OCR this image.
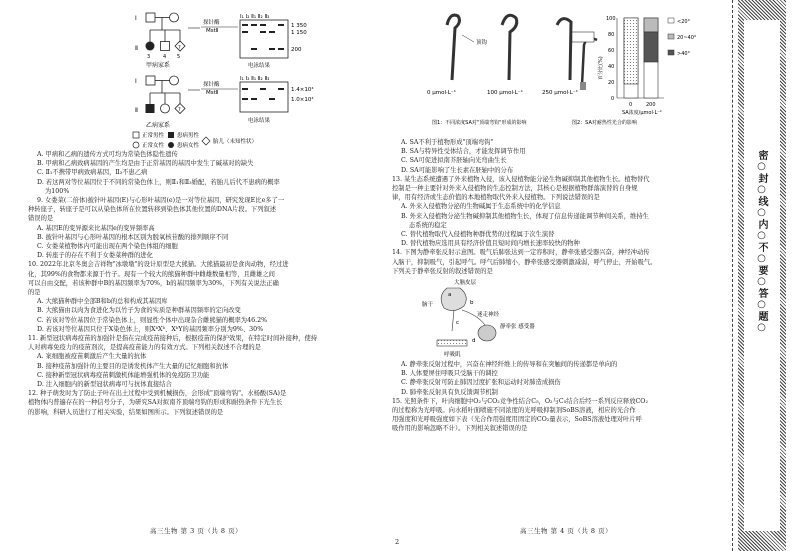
Ⅰ
Ⅱ	?
3	4 5
甲病家系
探针酶
MstⅡ
Ⅰ₁ Ⅰ₂ Ⅱ₁ Ⅱ₂ Ⅱ₃
1 350
1 150
200
电泳结果
Ⅰ
Ⅱ	?
乙病家系
探针酶
MstⅡ
Ⅰ₁ Ⅰ₂ Ⅱ₁ Ⅱ₂ Ⅱ₃
1.4×10⁴
1.0×10⁴
电泳结果
正常男性
正常女性
患病男性
患病女性
胎儿（未知性状）
A. 甲病和乙病的遗传方式可均为常染色体隐性遗传
B. 甲病和乙病致病基因的产生均是由于正常基因的基因中发生了碱基对的缺失
C. Ⅱ₁不携带甲病致病基因，Ⅱ₃不患乙病
D. 若这两对等位基因位于不同的常染色体上，则Ⅱ₁和Ⅱ₃婚配，若胎儿后代不患病的概率
为100%
9. 女娄菜(二倍体)披针叶基因(E)与心形叶基因(e)是一对等位基因，研究发现E比e多了一
种转座子，转座子是可以从染色体所在位置转移到染色体其他位置的DNA片段。下列叙述
错误的是
A. 基因E的变异源来比基因e的变异频率高
B. 披针叶基因与心形叶基因的根本区别为脱氧核苷酸的排列顺序不同
C. 女娄菜植物体内可能出现在两个染色体组的细胞
D. 转座子的存在不利于女娄菜种群的进化
10. 2022年北京冬奥会吉祥物"冰墩墩"的设计原型是大熊猫。大熊猫最初是食肉动物，经过进
化，其99%的食物都来源于竹子。现有一个较大的熊猫种群中雌雄数量相等，且雌雄之间
可以自由交配，若该种群中B的基因频率为70%，b的基因频率为30%，下列有关说法正确
的是
A. 大熊猫种群中全部B和b的总和构成其基因库
B. 大熊猫由以肉为食进化为以竹子为食的实质是种群基因频率的定向改变
C. 若该对等位基因位于常染色体上，则显性个体中出现杂合雌熊猫的概率为46.2%
D. 若该对等位基因只位于X染色体上，则XᵇXᵇ、XᵇY的基因频率分别为9%、30%
11. 新型冠状病毒疫苗的加强针是指在完成疫苗接种后，根据疫苗的保护效果，在特定时间补接种，使持
人对病毒免疫力的疫苗剂次，是提高疫苗能力的有效方式。下列相关叙述不合理的是
A. 案细胞被疫苗刺激后产生大量的抗体
B. 接种疫苗加强针的主要目的是诱发机体产生大量的记忆细胞和抗体
C. 接种新型冠状病毒疫苗刺激机体能增强机体的免疫防卫功能
D. 注入细胞内的新型冠状病毒可与抗体直接结合
12. 种子萌发时为了防止子叶在出土过程中受到机械损伤，会形成"顶端弯钩"。水杨酸(SA)是
植物体内普遍存在的一种信号分子，为研究SA对拟南芥顶端弯钩的形成和耐热条件下光生长
的影响，科研人员进行了相关实验，结果如图所示。下列叙述错误的是
顶钩
0 μmol·L⁻¹	100 μmol·L⁻¹	250 μmol·L⁻¹
百分比(%)
100
80
60
40
20
0
0	200
SA浓度/μmol·L⁻¹
<20°
20~40°
>40°
图1：不同浓度SA对"顶端弯钩"形成的影响	图2：SA对耐热性光合的影响
A. SA不利于植物形成"顶端弯钩"
B. SA与特异性受体结合，才能发挥调节作用
C. SA可促进拟南芥胚轴向光弯曲生长
D. SA可能影响了生长素在胚轴中的分布
13. 某生态系统遭遇了外来植物入侵，该入侵植物能分泌生物碱抑制其他植物生长。植物替代
控制是一种主要针对外来入侵植物的生态控制方法，其核心是根据植物群落演替的自身规
律，用有经济或生态价值的本地植物取代外来入侵植物。下列说法错误的是
A. 外来入侵植物分泌的生物碱属于生态系统中的化学信息
B. 外来入侵植物分泌生物碱抑制其他植物生长，体现了信息传递能调节种间关系，维持生
态系统的稳定
C. 替代植物取代入侵植物种群优势的过程属于次生演替
D. 替代植物应选用具有经济价值且短时间内增长速率较快的物种
14. 下图为静牵张反射示意图。吸气后肺张达到一定容积时，静牵张感受器兴奋，神经冲动传
入脑干，抑制吸气，引起呼气。呼气后肺缩小，静牵张感受器刺激减弱，呼气停止，开始吸气。
下列关于静牵张反射的叙述错误的是
大脑皮层
脑干
静牵张 感受器
迷走神经
呼吸肌
a
b
c
d
A. 静牵张反射过程中，兴奋在神经纤维上的传导和在突触间的传递都是单向的
B. 人体要屏住呼吸只受脑干的调控
C. 静牵张反射可防止肺因过度扩张和运动时对肺造成损伤
D. 肺牵张反射具有负反馈调节机制
15. 光照条件下，叶肉细胞中O₂与CO₂竞争性结合C₅，O₂与C₅结合后经一系列反应释放CO₂
的过程称为光呼吸。向水稻叶面喷施不同浓度的光呼吸抑制剂SoBS溶液，相应的光合作
用强度和光呼吸强度如下表（光合作用强度用固定的CO₂量表示，SoBS溶液处理对叶片呼
吸作用的影响忽略不计）。下列相关叙述错误的是
密○封○线○内○不○要○答○题○
高三生物 第 3 页（共 8 页）	高三生物 第 4 页（共 8 页）
2
